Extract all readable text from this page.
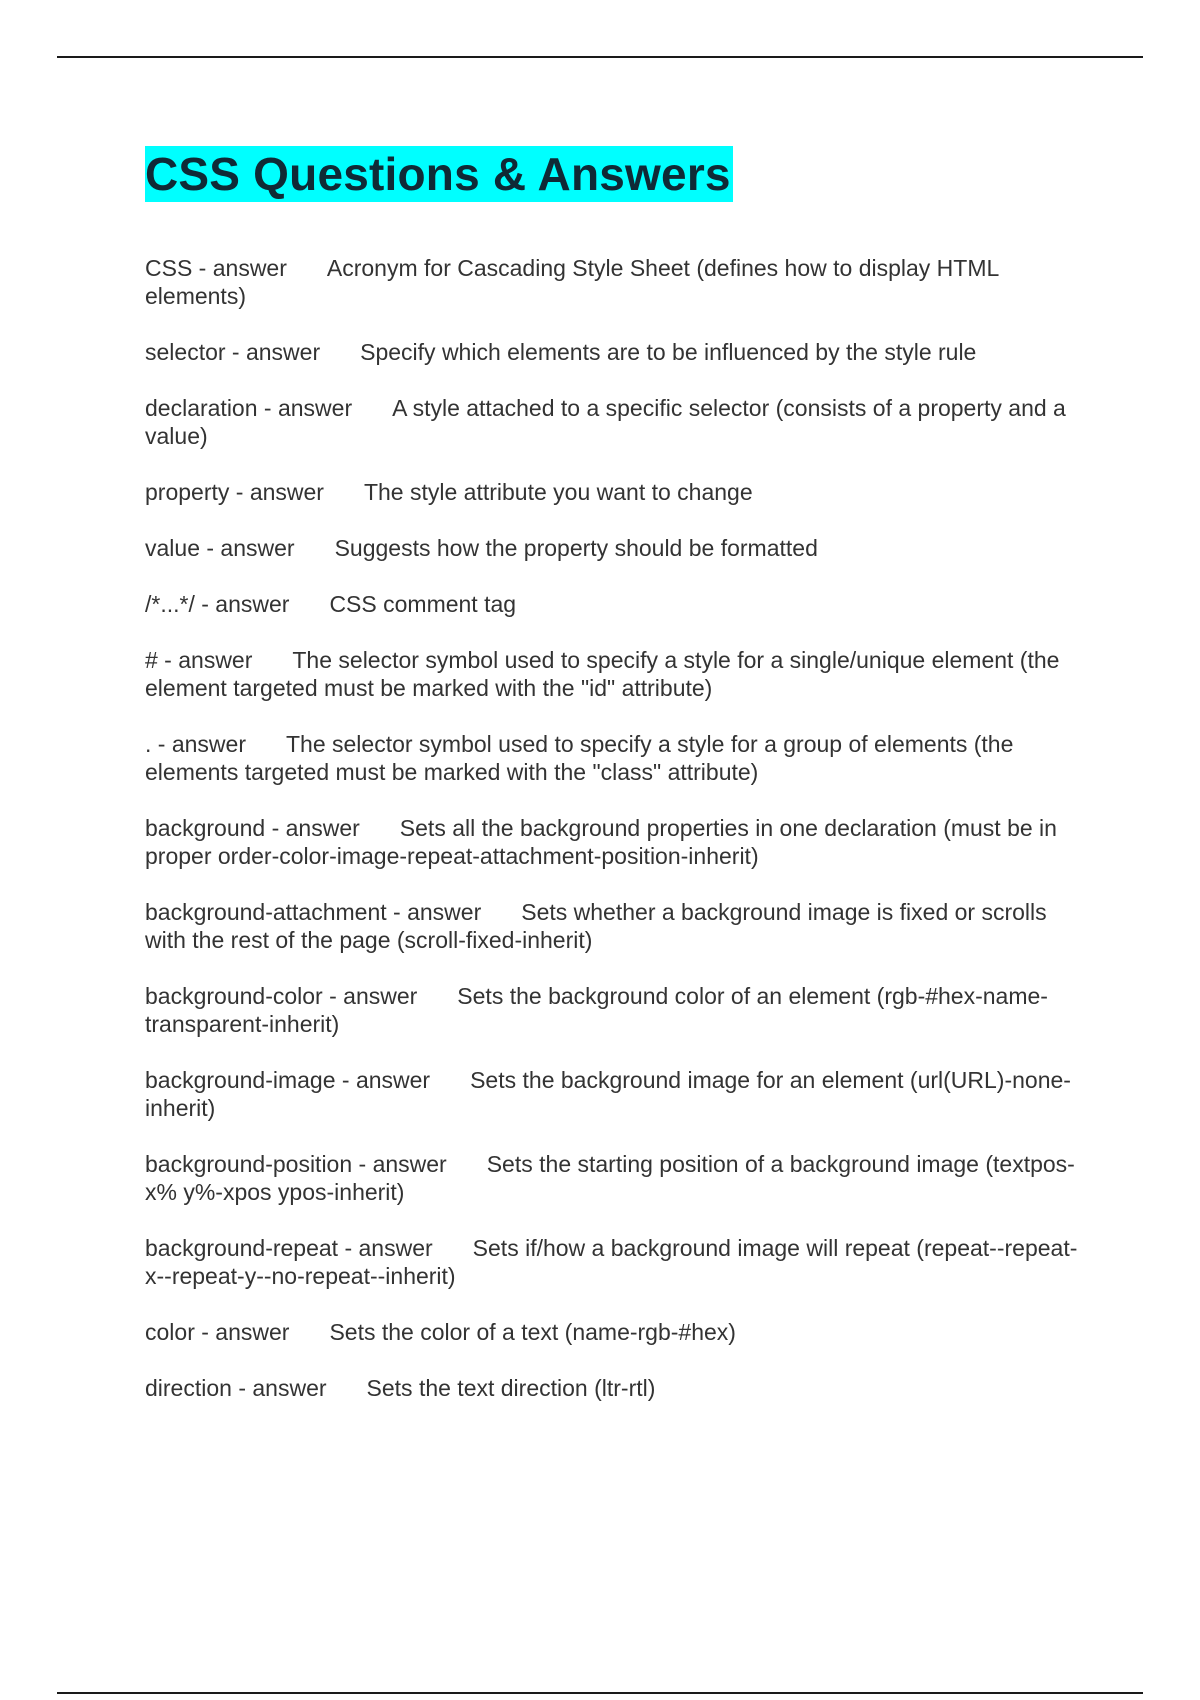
CSS Questions & Answers
CSS - answer Acronym for Cascading Style Sheet (defines how to display HTML elements)
selector - answer Specify which elements are to be influenced by the style rule
declaration - answer A style attached to a specific selector (consists of a property and a value)
property - answer The style attribute you want to change
value - answer Suggests how the property should be formatted
/*...*/ - answer CSS comment tag
# - answer The selector symbol used to specify a style for a single/unique element (the element targeted must be marked with the "id" attribute)
. - answer The selector symbol used to specify a style for a group of elements (the elements targeted must be marked with the "class" attribute)
background - answer Sets all the background properties in one declaration (must be in proper order-color-image-repeat-attachment-position-inherit)
background-attachment - answer Sets whether a background image is fixed or scrolls with the rest of the page (scroll-fixed-inherit)
background-color - answer Sets the background color of an element (rgb-#hex-name-transparent-inherit)
background-image - answer Sets the background image for an element (url(URL)-none-inherit)
background-position - answer Sets the starting position of a background image (textpos-x% y%-xpos ypos-inherit)
background-repeat - answer Sets if/how a background image will repeat (repeat--repeat-x--repeat-y--no-repeat--inherit)
color - answer Sets the color of a text (name-rgb-#hex)
direction - answer Sets the text direction (ltr-rtl)
